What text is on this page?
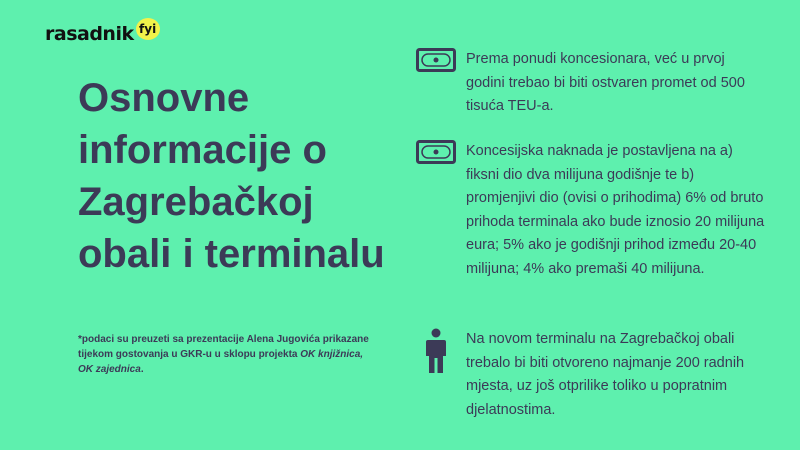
rasadnik fyi
Osnovne informacije o Zagrebačkoj obali i terminalu
*podaci su preuzeti sa prezentacije Alena Jugovića prikazane tijekom gostovanja u GKR-u u sklopu projekta OK knjižnica, OK zajednica.
Prema ponudi koncesionara, već u prvoj godini trebao bi biti ostvaren promet od 500 tisuća TEU-a.
Koncesijska naknada je postavljena na a) fiksni dio dva milijuna godišnje te b) promjenjivi dio (ovisi o prihodima) 6% od bruto prihoda terminala ako bude iznosio 20 milijuna eura; 5% ako je godišnji prihod između 20-40 milijuna; 4% ako premaši 40 milijuna.
Na novom terminalu na Zagrebačkoj obali trebalo bi biti otvoreno najmanje 200 radnih mjesta, uz još otprilike toliko u popratnim djelatnostima.
